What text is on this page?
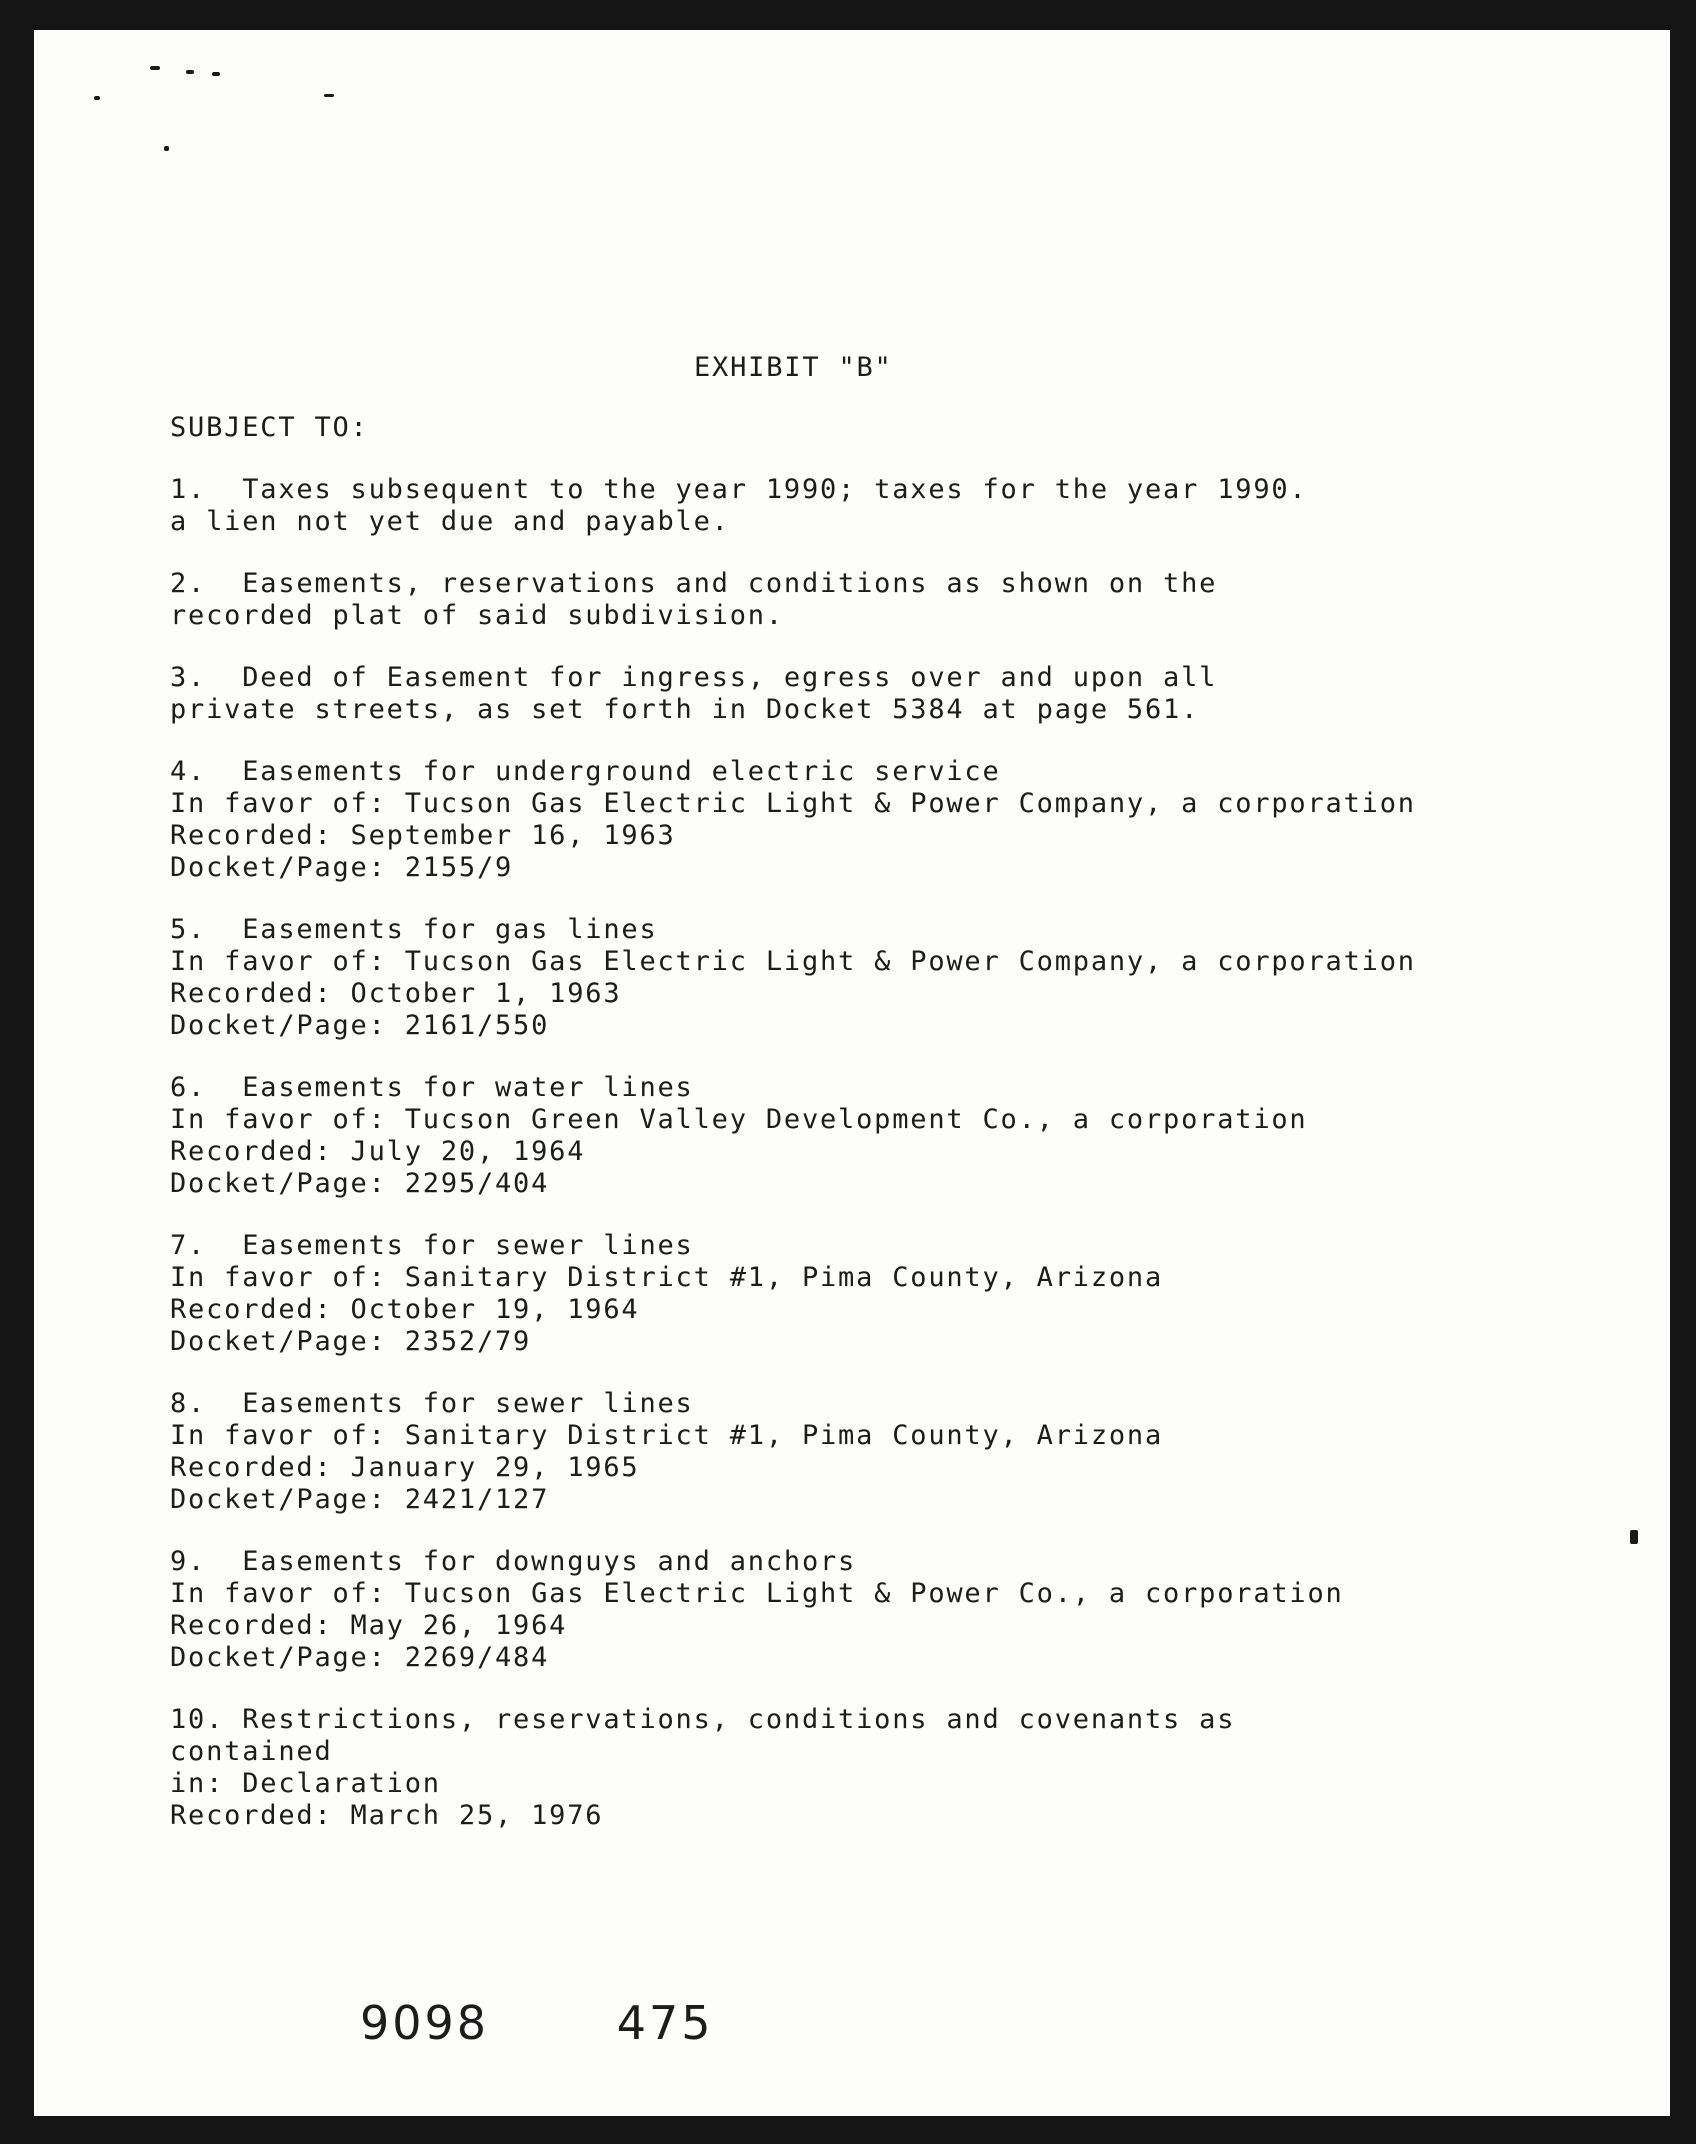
EXHIBIT "B"
SUBJECT TO:
1.  Taxes subsequent to the year 1990; taxes for the year 1990.
a lien not yet due and payable.
2.  Easements, reservations and conditions as shown on the
recorded plat of said subdivision.
3.  Deed of Easement for ingress, egress over and upon all
private streets, as set forth in Docket 5384 at page 561.
4.  Easements for underground electric service
In favor of: Tucson Gas Electric Light & Power Company, a corporation
Recorded: September 16, 1963
Docket/Page: 2155/9
5.  Easements for gas lines
In favor of: Tucson Gas Electric Light & Power Company, a corporation
Recorded: October 1, 1963
Docket/Page: 2161/550
6.  Easements for water lines
In favor of: Tucson Green Valley Development Co., a corporation
Recorded: July 20, 1964
Docket/Page: 2295/404
7.  Easements for sewer lines
In favor of: Sanitary District #1, Pima County, Arizona
Recorded: October 19, 1964
Docket/Page: 2352/79
8.  Easements for sewer lines
In favor of: Sanitary District #1, Pima County, Arizona
Recorded: January 29, 1965
Docket/Page: 2421/127
9.  Easements for downguys and anchors
In favor of: Tucson Gas Electric Light & Power Co., a corporation
Recorded: May 26, 1964
Docket/Page: 2269/484
10. Restrictions, reservations, conditions and covenants as
contained
in: Declaration
Recorded: March 25, 1976
9098	475
